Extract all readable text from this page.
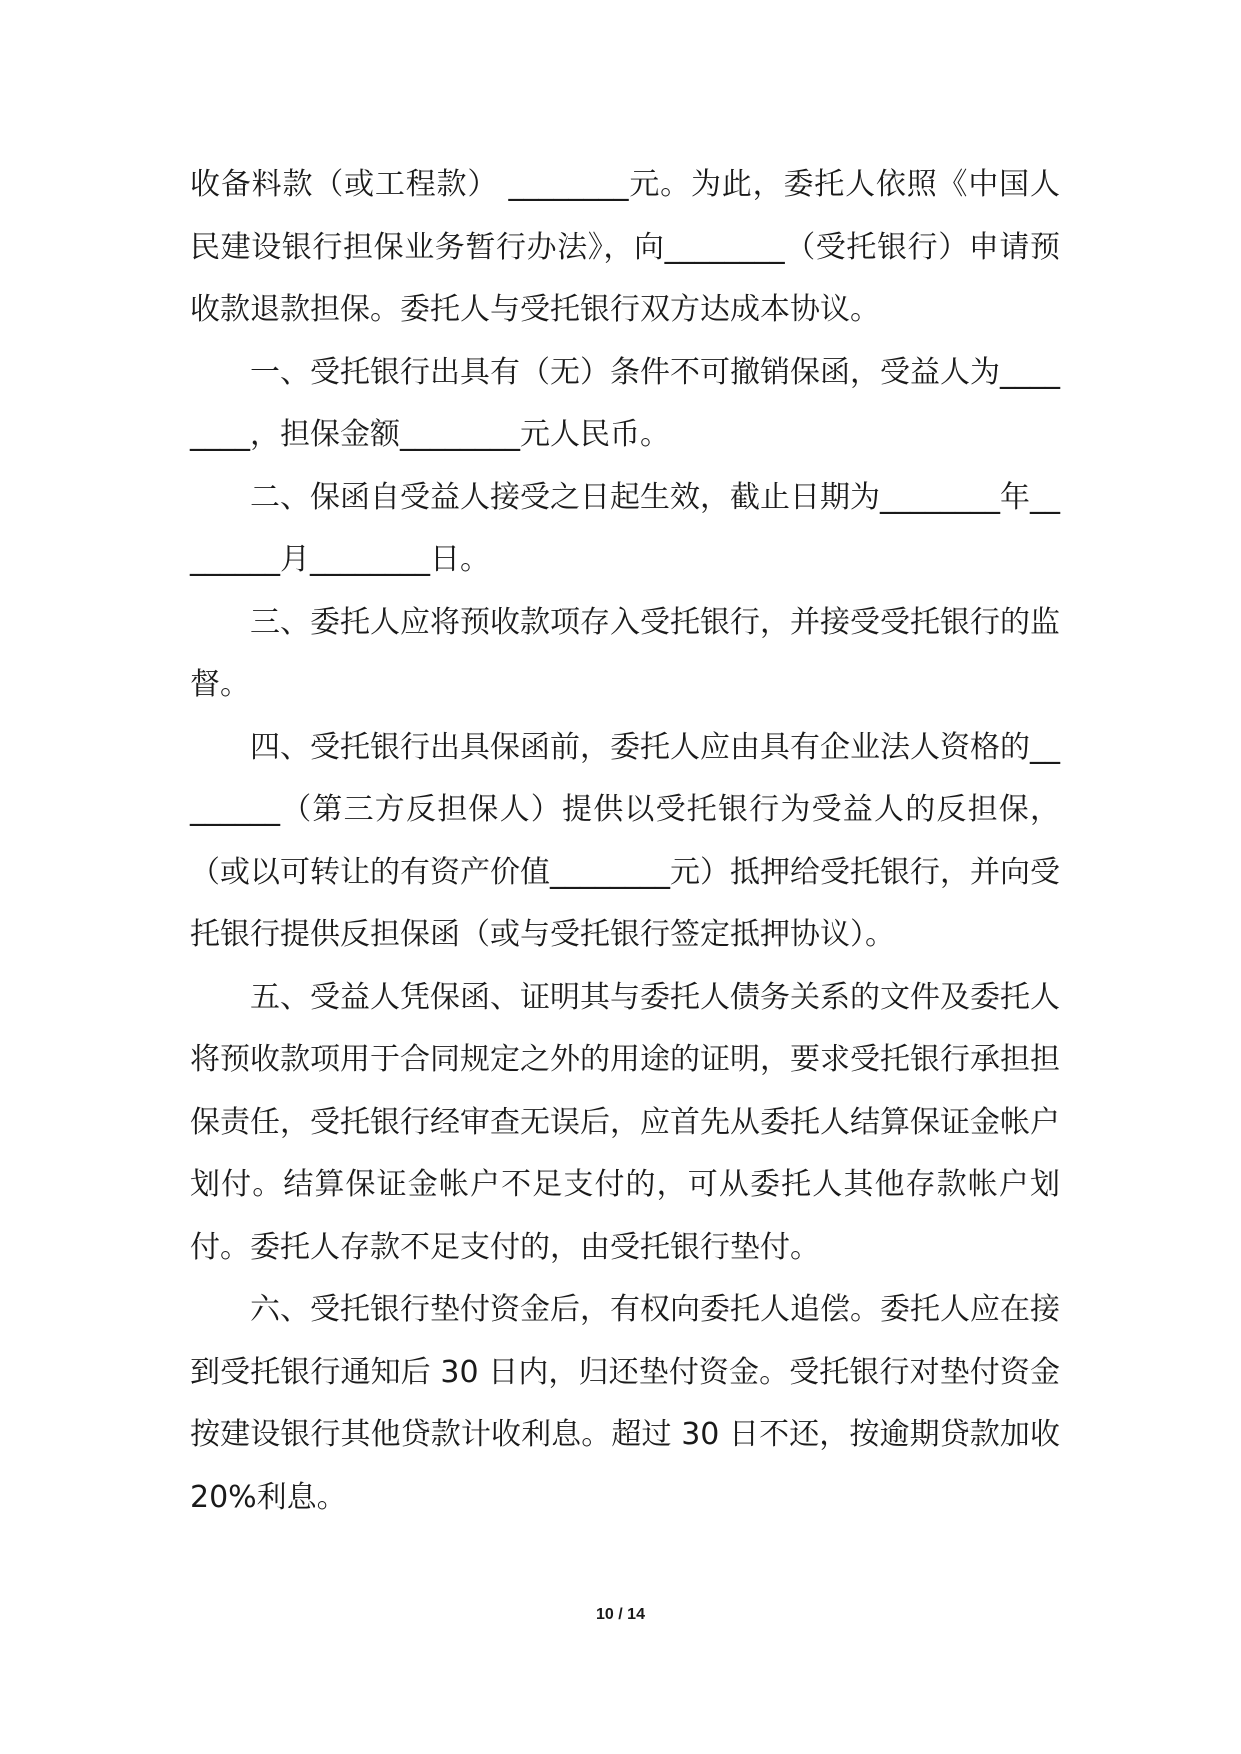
收备料款（或工程款） ________元。为此，委托人依照《中国人民建设银行担保业务暂行办法》，向________（受托银行）申请预收款退款担保。委托人与受托银行双方达成本协议。

一、受托银行出具有（无）条件不可撤销保函，受益人为________，担保金额________元人民币。

二、保函自受益人接受之日起生效，截止日期为________年________月________日。

三、委托人应将预收款项存入受托银行，并接受受托银行的监督。

四、受托银行出具保函前，委托人应由具有企业法人资格的________（第三方反担保人）提供以受托银行为受益人的反担保，（或以可转让的有资产价值________元）抵押给受托银行，并向受托银行提供反担保函（或与受托银行签定抵押协议）。

五、受益人凭保函、证明其与委托人债务关系的文件及委托人将预收款项用于合同规定之外的用途的证明，要求受托银行承担担保责任，受托银行经审查无误后，应首先从委托人结算保证金帐户划付。结算保证金帐户不足支付的，可从委托人其他存款帐户划付。委托人存款不足支付的，由受托银行垫付。

六、受托银行垫付资金后，有权向委托人追偿。委托人应在接到受托银行通知后 30 日内，归还垫付资金。受托银行对垫付资金按建设银行其他贷款计收利息。超过 30 日不还，按逾期贷款加收 20%利息。

10 / 14
